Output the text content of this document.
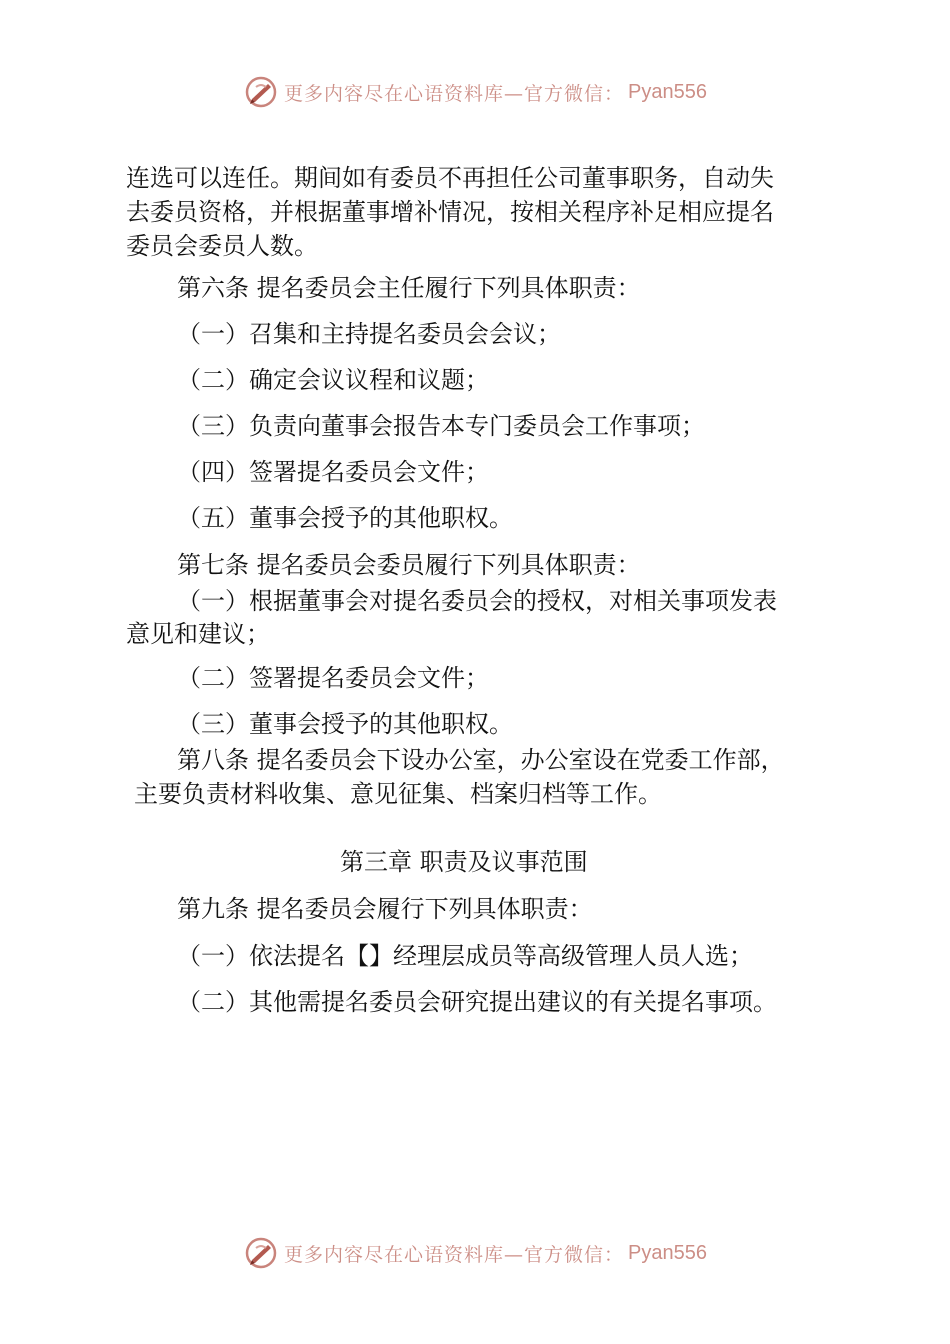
更多内容尽在心语资料库—官方微信： Pyan556
连选可以连任。期间如有委员不再担任公司董事职务，自动失
去委员资格，并根据董事增补情况，按相关程序补足相应提名
委员会委员人数。
第六条 提名委员会主任履行下列具体职责：
（一）召集和主持提名委员会会议；
（二）确定会议议程和议题；
（三）负责向董事会报告本专门委员会工作事项；
（四）签署提名委员会文件；
（五）董事会授予的其他职权。
第七条 提名委员会委员履行下列具体职责：
（一）根据董事会对提名委员会的授权，对相关事项发表
意见和建议；
（二）签署提名委员会文件；
（三）董事会授予的其他职权。
第八条 提名委员会下设办公室，办公室设在党委工作部，
主要负责材料收集、意见征集、档案归档等工作。
第三章 职责及议事范围
第九条 提名委员会履行下列具体职责：
（一）依法提名【】经理层成员等高级管理人员人选；
（二）其他需提名委员会研究提出建议的有关提名事项。
更多内容尽在心语资料库—官方微信： Pyan556
